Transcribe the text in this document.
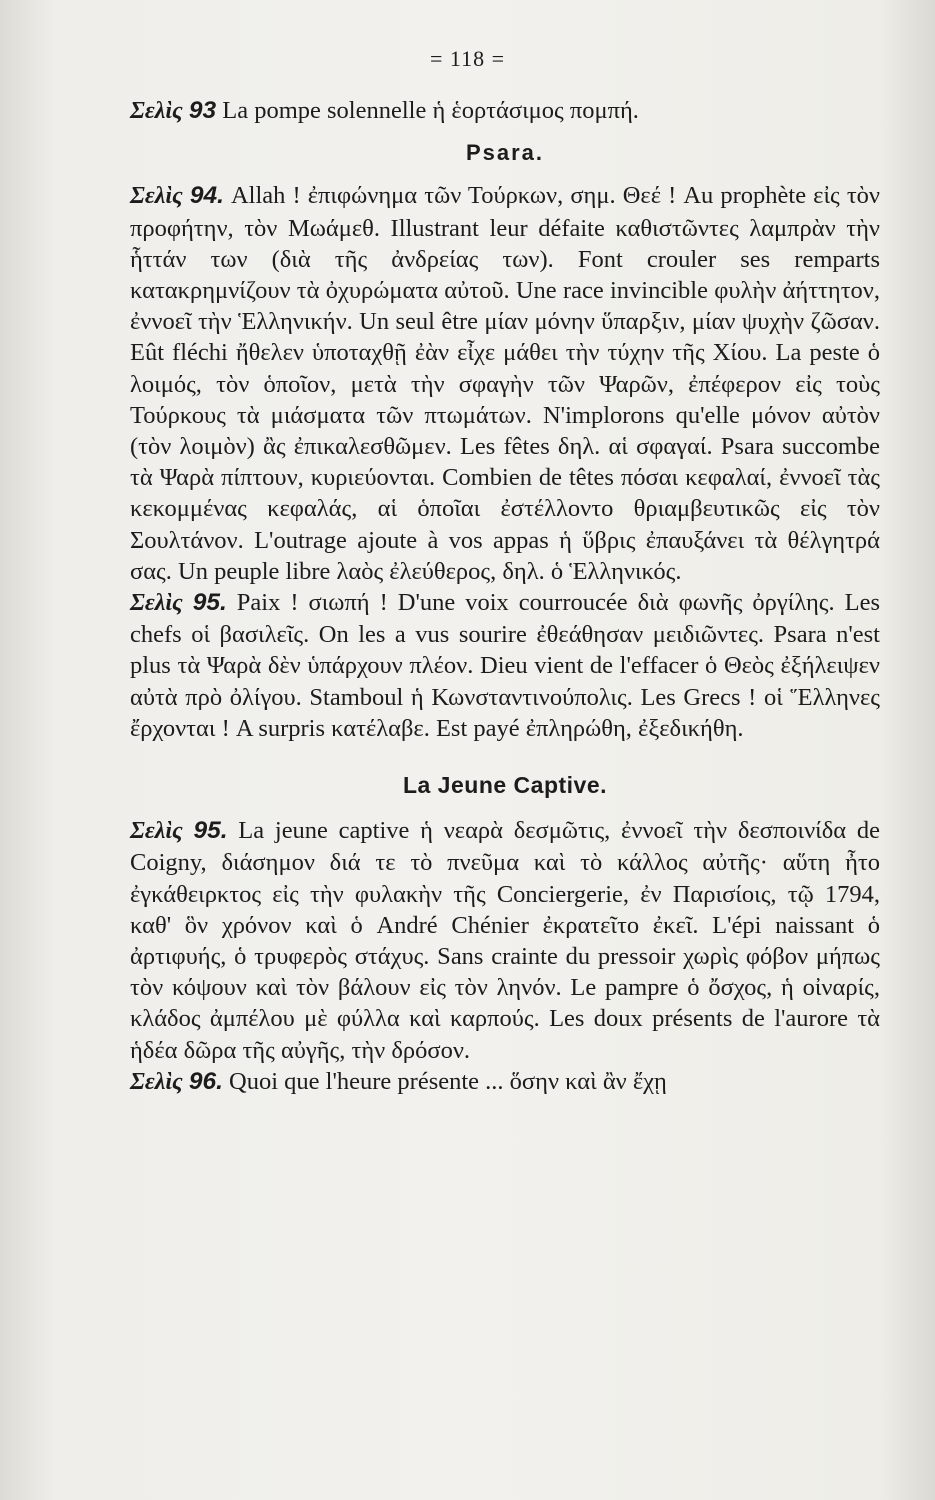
= 118 =

Σελὶς 93 La pompe solennelle ἡ ἑορτάσιμος πομπή.

Psara.

Σελὶς 94. Allah ! ἐπιφώνημα τῶν Τούρκων, σημ. Θεέ ! Au prophète εἰς τὸν προφήτην, τὸν Μωάμεθ. Illustrant leur défaite καθιστῶντες λαμπρὰν τὴν ἧττάν των (διὰ τῆς ἀνδρείας των). Font crouler ses remparts κατακρημνίζουν τὰ ὀχυρώματα αὐτοῦ. Une race invincible φυλὴν ἀήττητον, ἐννοεῖ τὴν Ἑλληνικήν. Un seul être μίαν μόνην ὕπαρξιν, μίαν ψυχὴν ζῶσαν. Eût fléchi ἤθελεν ὑποταχθῇ ἐὰν εἶχε μάθει τὴν τύχην τῆς Χίου. La peste ὁ λοιμός, τὸν ὁποῖον, μετὰ τὴν σφαγὴν τῶν Ψαρῶν, ἐπέφερον εἰς τοὺς Τούρκους τὰ μιάσματα τῶν πτωμάτων. N'implorons qu'elle μόνον αὐτὸν (τὸν λοιμὸν) ἂς ἐπικαλεσθῶμεν. Les fêtes δηλ. αἱ σφαγαί. Psara succombe τὰ Ψαρὰ πίπτουν, κυριεύονται. Combien de têtes πόσαι κεφαλαί, ἐννοεῖ τὰς κεκομμένας κεφαλάς, αἱ ὁποῖαι ἐστέλλοντο θριαμβευτικῶς εἰς τὸν Σουλτάνον. L'outrage ajoute à vos appas ἡ ὕβρις ἐπαυξάνει τὰ θέλγητρά σας. Un peuple libre λαὸς ἐλεύθερος, δηλ. ὁ Ἑλληνικός.

Σελὶς 95. Paix ! σιωπή ! D'une voix courroucée διὰ φωνῆς ὀργίλης. Les chefs οἱ βασιλεῖς. On les a vus sourire ἐθεάθησαν μειδιῶντες. Psara n'est plus τὰ Ψαρὰ δὲν ὑπάρχουν πλέον. Dieu vient de l'effacer ὁ Θεὸς ἐξήλειψεν αὐτὰ πρὸ ὀλίγου. Stamboul ἡ Κωνσταντινούπολις. Les Grecs ! οἱ Ἕλληνες ἔρχονται ! A surpris κατέλαβε. Est payé ἐπληρώθη, ἐξεδικήθη.

La Jeune Captive.

Σελὶς 95. La jeune captive ἡ νεαρὰ δεσμῶτις, ἐννοεῖ τὴν δεσποινίδα de Coigny, διάσημον διά τε τὸ πνεῦμα καὶ τὸ κάλλος αὐτῆς· αὕτη ἦτο ἐγκάθειρκτος εἰς τὴν φυλακὴν τῆς Conciergerie, ἐν Παρισίοις, τῷ 1794, καθ' ὃν χρόνον καὶ ὁ André Chénier ἐκρατεῖτο ἐκεῖ. L'épi naissant ὁ ἀρτιφυής, ὁ τρυφερὸς στάχυς. Sans crainte du pressoir χωρὶς φόβον μήπως τὸν κόψουν καὶ τὸν βάλουν εἰς τὸν ληνόν. Le pampre ὁ ὄσχος, ἡ οἰναρίς, κλάδος ἀμπέλου μὲ φύλλα καὶ καρπούς. Les doux présents de l'aurore τὰ ἡδέα δῶρα τῆς αὐγῆς, τὴν δρόσον.

Σελὶς 96. Quoi que l'heure présente ... ὅσην καὶ ἂν ἔχῃ
